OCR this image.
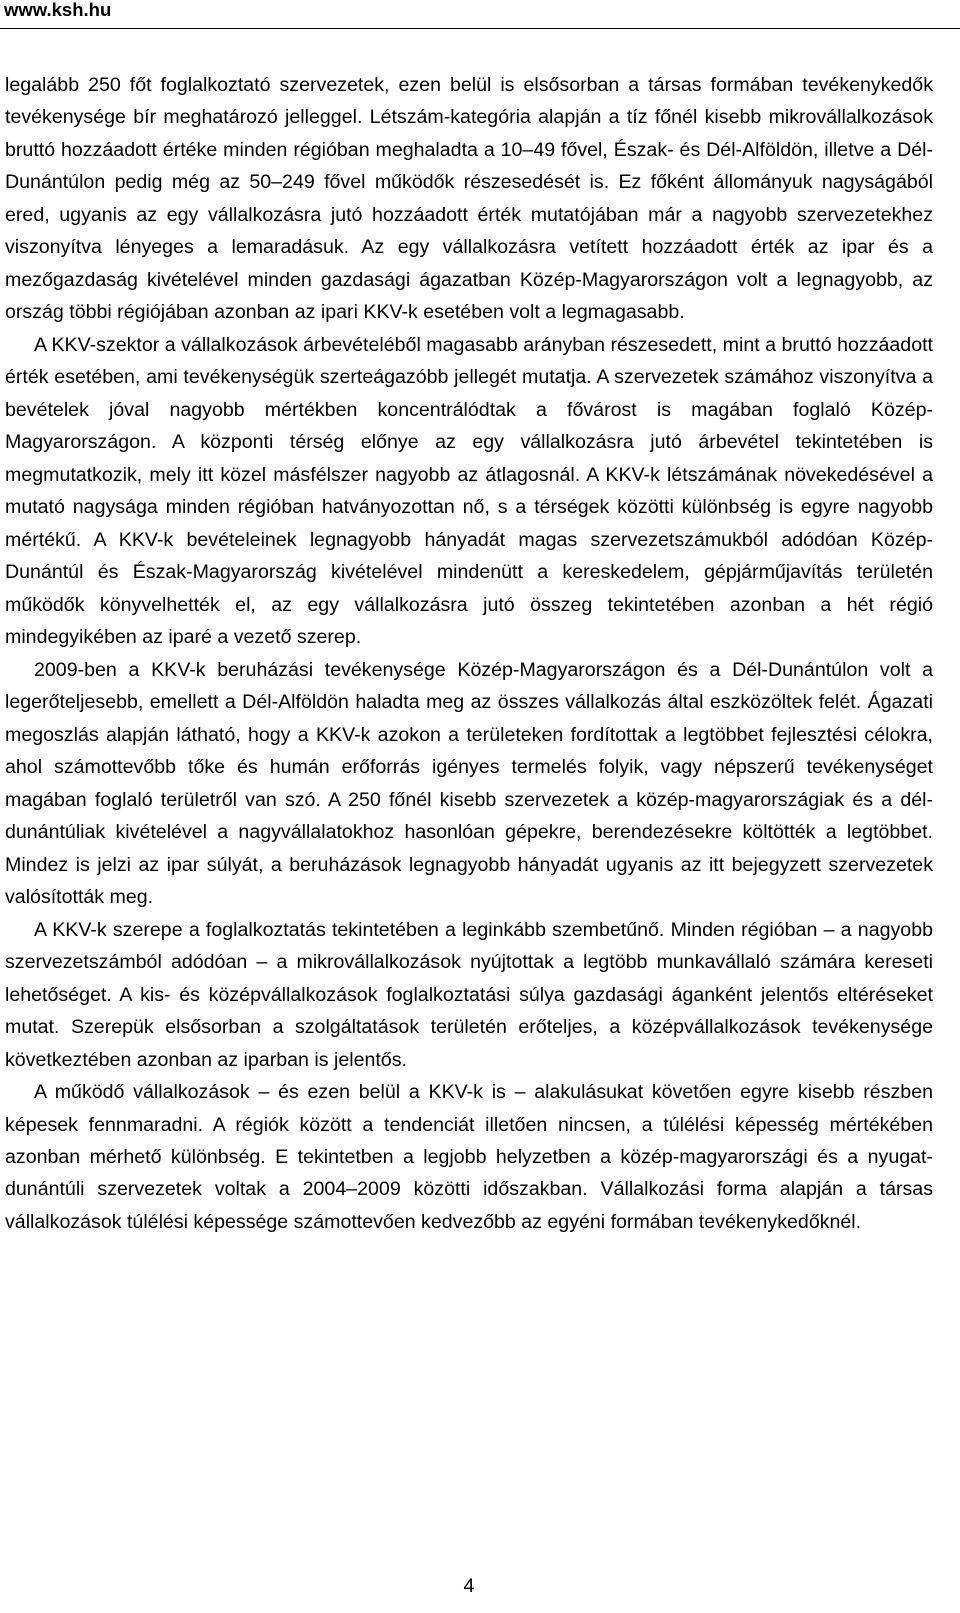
www.ksh.hu

legalább 250 főt foglalkoztató szervezetek, ezen belül is elsősorban a társas formában tevékenykedők tevékenysége bír meghatározó jelleggel. Létszám-kategória alapján a tíz főnél kisebb mikrovállalkozások bruttó hozzáadott értéke minden régióban meghaladta a 10–49 fővel, Észak- és Dél-Alföldön, illetve a Dél-Dunántúlon pedig még az 50–249 fővel működők részesedését is. Ez főként állományuk nagyságából ered, ugyanis az egy vállalkozásra jutó hozzáadott érték mutatójában már a nagyobb szervezetekhez viszonyítva lényeges a lemaradásuk. Az egy vállalkozásra vetített hozzáadott érték az ipar és a mezőgazdaság kivételével minden gazdasági ágazatban Közép-Magyarországon volt a legnagyobb, az ország többi régiójában azonban az ipari KKV-k esetében volt a legmagasabb.

A KKV-szektor a vállalkozások árbevételéből magasabb arányban részesedett, mint a bruttó hozzáadott érték esetében, ami tevékenységük szerteágazóbb jellegét mutatja. A szervezetek számához viszonyítva a bevételek jóval nagyobb mértékben koncentrálódtak a fővárost is magában foglaló Közép-Magyarországon. A központi térség előnye az egy vállalkozásra jutó árbevétel tekintetében is megmutatkozik, mely itt közel másfélszer nagyobb az átlagosnál. A KKV-k létszámának növekedésével a mutató nagysága minden régióban hatványozottan nő, s a térségek közötti különbség is egyre nagyobb mértékű. A KKV-k bevételeinek legnagyobb hányadát magas szervezetszámukból adódóan Közép-Dunántúl és Észak-Magyarország kivételével mindenütt a kereskedelem, gépjárműjavítás területén működők könyvelhették el, az egy vállalkozásra jutó összeg tekintetében azonban a hét régió mindegyikében az iparé a vezető szerep.

2009-ben a KKV-k beruházási tevékenysége Közép-Magyarországon és a Dél-Dunántúlon volt a legerőteljesebb, emellett a Dél-Alföldön haladta meg az összes vállalkozás által eszközöltek felét. Ágazati megoszlás alapján látható, hogy a KKV-k azokon a területeken fordítottak a legtöbbet fejlesztési célokra, ahol számottevőbb tőke és humán erőforrás igényes termelés folyik, vagy népszerű tevékenységet magában foglaló területről van szó. A 250 főnél kisebb szervezetek a közép-magyarországiak és a dél-dunántúliak kivételével a nagyvállalatokhoz hasonlóan gépekre, berendezésekre költötték a legtöbbet. Mindez is jelzi az ipar súlyát, a beruházások legnagyobb hányadát ugyanis az itt bejegyzett szervezetek valósították meg.

A KKV-k szerepe a foglalkoztatás tekintetében a leginkább szembetűnő. Minden régióban – a nagyobb szervezetszámból adódóan – a mikrovállalkozások nyújtottak a legtöbb munkavállaló számára kereseti lehetőséget. A kis- és középvállalkozások foglalkoztatási súlya gazdasági áganként jelentős eltéréseket mutat. Szerepük elsősorban a szolgáltatások területén erőteljes, a középvállalkozások tevékenysége következtében azonban az iparban is jelentős.

A működő vállalkozások – és ezen belül a KKV-k is – alakulásukat követően egyre kisebb részben képesek fennmaradni. A régiók között a tendenciát illetően nincsen, a túlélési képesség mértékében azonban mérhető különbség. E tekintetben a legjobb helyzetben a közép-magyarországi és a nyugat-dunántúli szervezetek voltak a 2004–2009 közötti időszakban. Vállalkozási forma alapján a társas vállalkozások túlélési képessége számottevően kedvezőbb az egyéni formában tevékenykedőknél.

4
